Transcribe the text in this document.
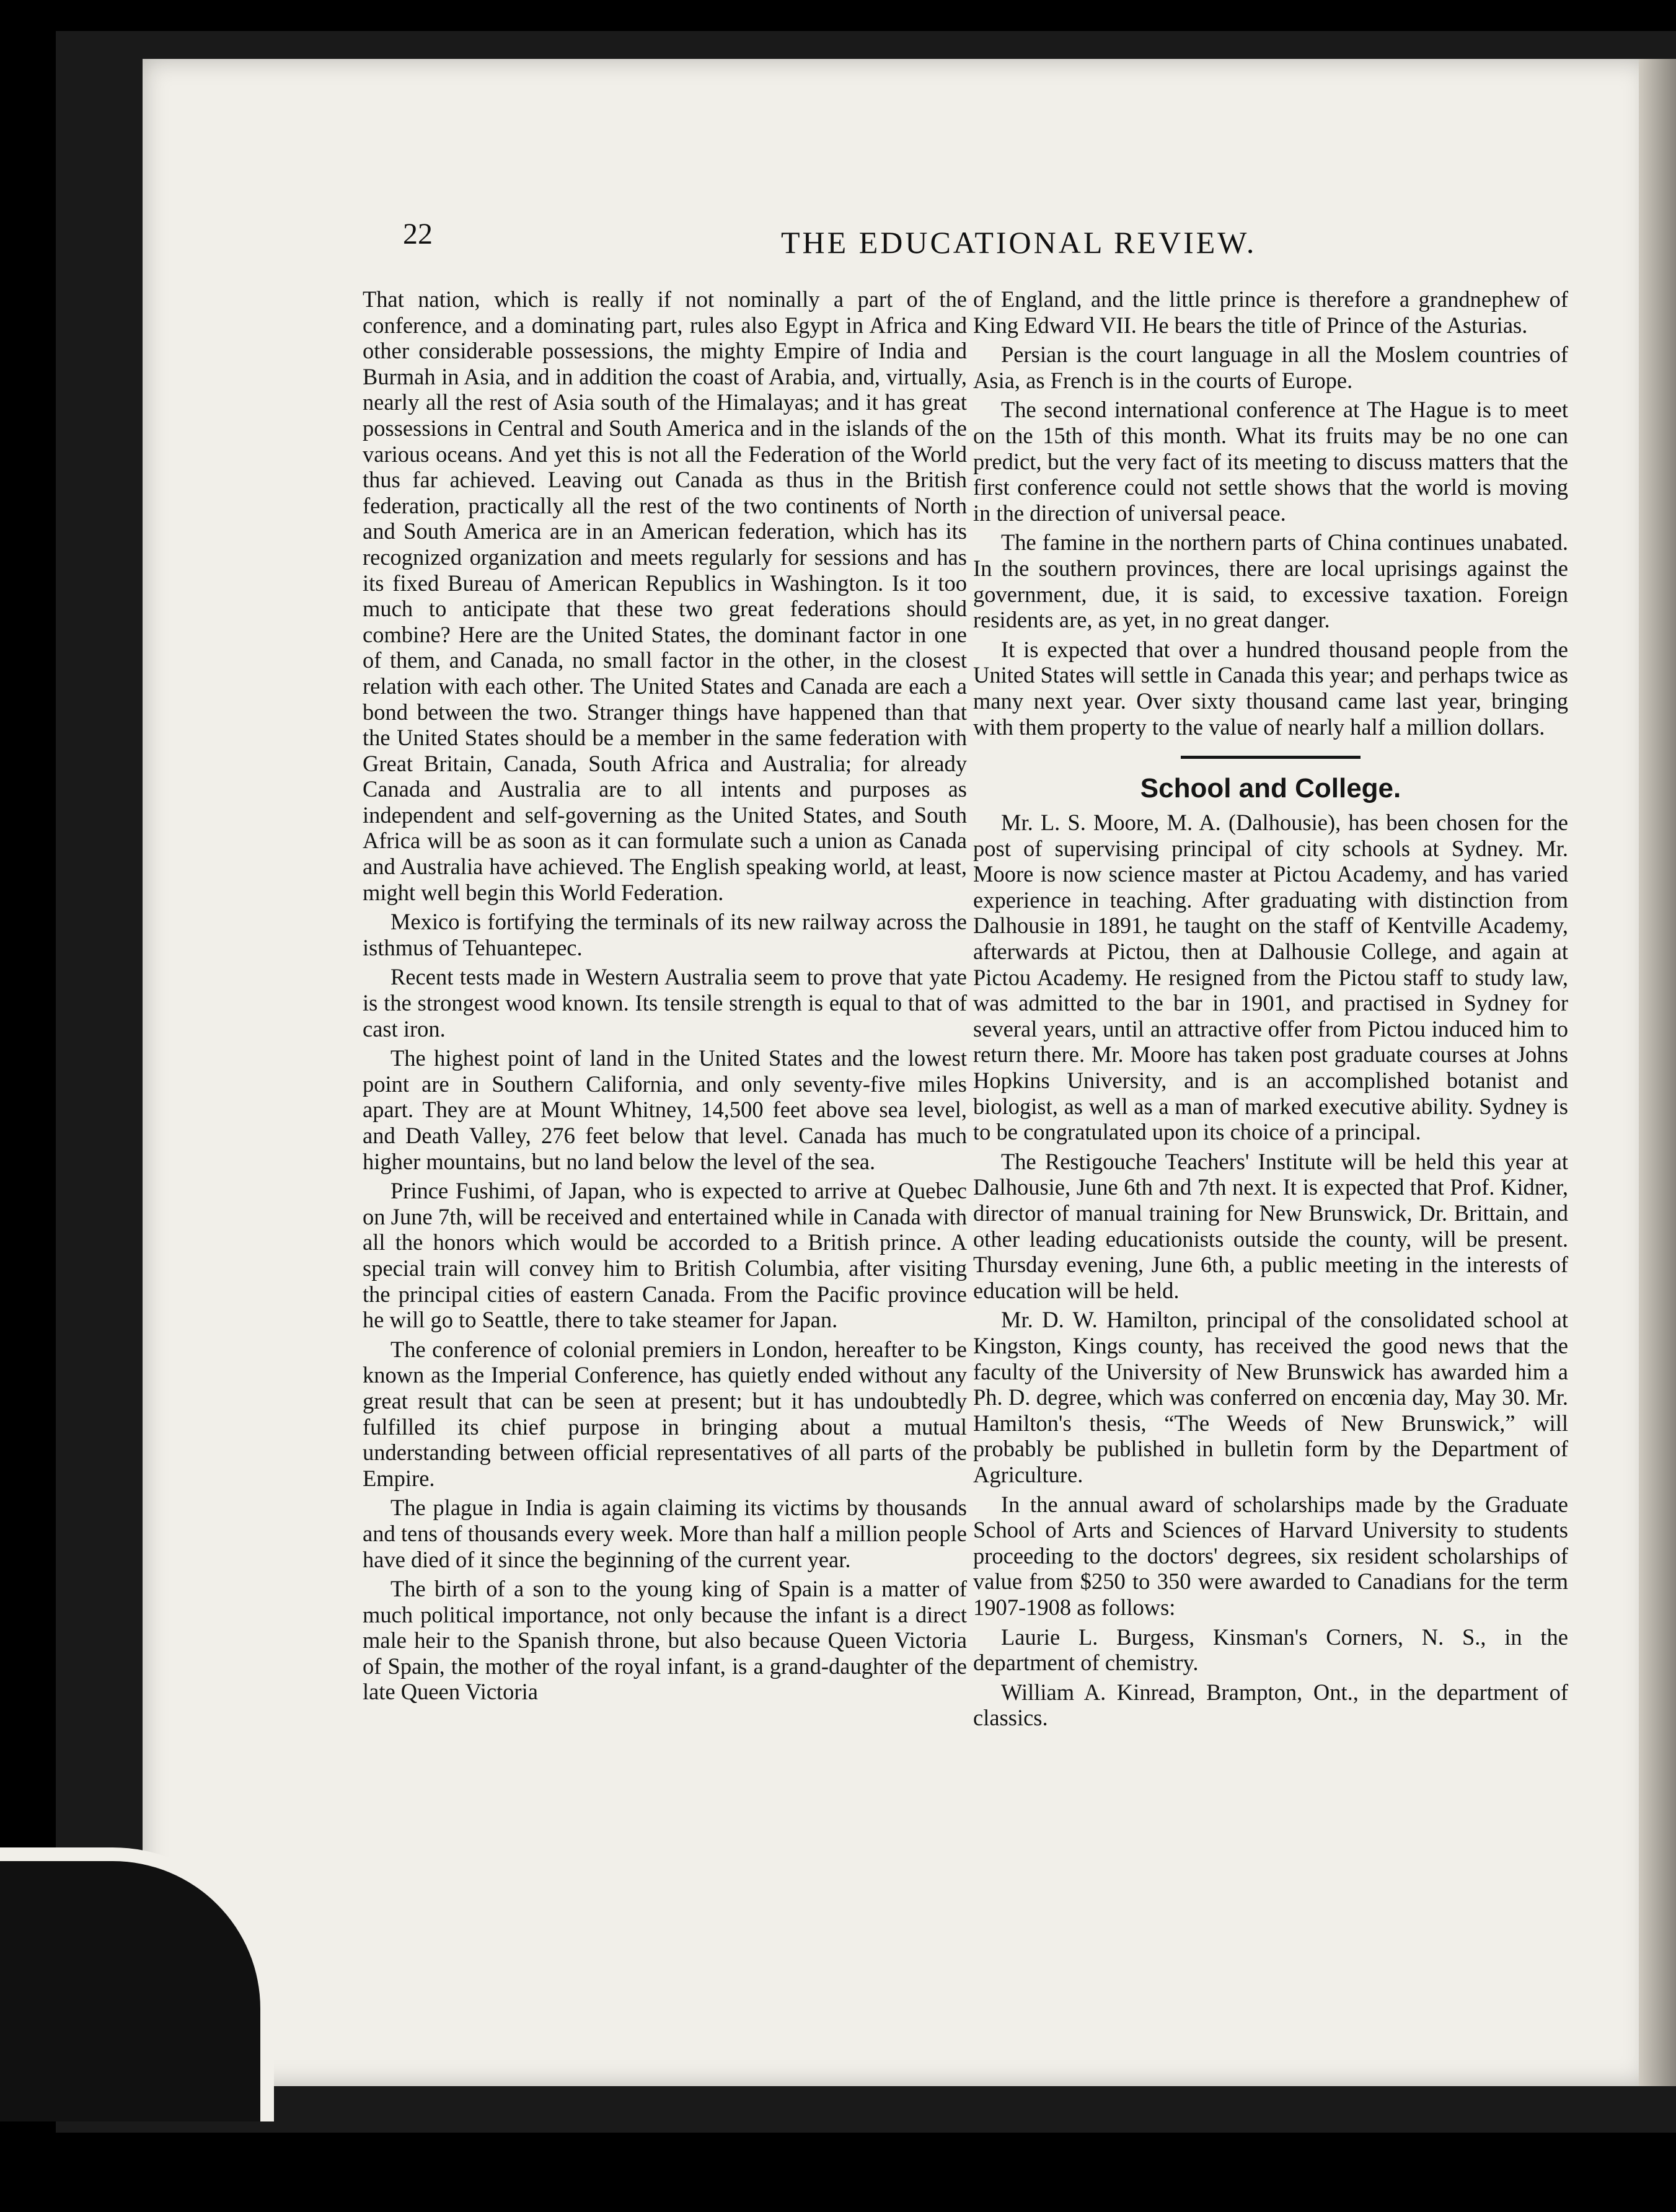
22	THE EDUCATIONAL REVIEW.

That nation, which is really if not nominally a part of the conference, and a dominating part, rules also Egypt in Africa and other considerable possessions, the mighty Empire of India and Burmah in Asia, and in addition the coast of Arabia, and, virtually, nearly all the rest of Asia south of the Himalayas; and it has great possessions in Central and South America and in the islands of the various oceans. And yet this is not all the Federation of the World thus far achieved. Leaving out Canada as thus in the British federation, practically all the rest of the two continents of North and South America are in an American federation, which has its recognized organization and meets regularly for sessions and has its fixed Bureau of American Republics in Washington. Is it too much to anticipate that these two great federations should combine? Here are the United States, the dominant factor in one of them, and Canada, no small factor in the other, in the closest relation with each other. The United States and Canada are each a bond between the two. Stranger things have happened than that the United States should be a member in the same federation with Great Britain, Canada, South Africa and Australia; for already Canada and Australia are to all intents and purposes as independent and self-governing as the United States, and South Africa will be as soon as it can formulate such a union as Canada and Australia have achieved. The English speaking world, at least, might well begin this World Federation.

Mexico is fortifying the terminals of its new railway across the isthmus of Tehuantepec.

Recent tests made in Western Australia seem to prove that yate is the strongest wood known. Its tensile strength is equal to that of cast iron.

The highest point of land in the United States and the lowest point are in Southern California, and only seventy-five miles apart. They are at Mount Whitney, 14,500 feet above sea level, and Death Valley, 276 feet below that level. Canada has much higher mountains, but no land below the level of the sea.

Prince Fushimi, of Japan, who is expected to arrive at Quebec on June 7th, will be received and entertained while in Canada with all the honors which would be accorded to a British prince. A special train will convey him to British Columbia, after visiting the principal cities of eastern Canada. From the Pacific province he will go to Seattle, there to take steamer for Japan.

The conference of colonial premiers in London, hereafter to be known as the Imperial Conference, has quietly ended without any great result that can be seen at present; but it has undoubtedly fulfilled its chief purpose in bringing about a mutual understanding between official representatives of all parts of the Empire.

The plague in India is again claiming its victims by thousands and tens of thousands every week. More than half a million people have died of it since the beginning of the current year.

The birth of a son to the young king of Spain is a matter of much political importance, not only because the infant is a direct male heir to the Spanish throne, but also because Queen Victoria of Spain, the mother of the royal infant, is a grand-daughter of the late Queen Victoria

of England, and the little prince is therefore a grandnephew of King Edward VII. He bears the title of Prince of the Asturias.

Persian is the court language in all the Moslem countries of Asia, as French is in the courts of Europe.

The second international conference at The Hague is to meet on the 15th of this month. What its fruits may be no one can predict, but the very fact of its meeting to discuss matters that the first conference could not settle shows that the world is moving in the direction of universal peace.

The famine in the northern parts of China continues unabated. In the southern provinces, there are local uprisings against the government, due, it is said, to excessive taxation. Foreign residents are, as yet, in no great danger.

It is expected that over a hundred thousand people from the United States will settle in Canada this year; and perhaps twice as many next year. Over sixty thousand came last year, bringing with them property to the value of nearly half a million dollars.

School and College.

Mr. L. S. Moore, M. A. (Dalhousie), has been chosen for the post of supervising principal of city schools at Sydney. Mr. Moore is now science master at Pictou Academy, and has varied experience in teaching. After graduating with distinction from Dalhousie in 1891, he taught on the staff of Kentville Academy, afterwards at Pictou, then at Dalhousie College, and again at Pictou Academy. He resigned from the Pictou staff to study law, was admitted to the bar in 1901, and practised in Sydney for several years, until an attractive offer from Pictou induced him to return there. Mr. Moore has taken post graduate courses at Johns Hopkins University, and is an accomplished botanist and biologist, as well as a man of marked executive ability. Sydney is to be congratulated upon its choice of a principal.

The Restigouche Teachers' Institute will be held this year at Dalhousie, June 6th and 7th next. It is expected that Prof. Kidner, director of manual training for New Brunswick, Dr. Brittain, and other leading educationists outside the county, will be present. Thursday evening, June 6th, a public meeting in the interests of education will be held.

Mr. D. W. Hamilton, principal of the consolidated school at Kingston, Kings county, has received the good news that the faculty of the University of New Brunswick has awarded him a Ph. D. degree, which was conferred on encœnia day, May 30. Mr. Hamilton's thesis, “The Weeds of New Brunswick,” will probably be published in bulletin form by the Department of Agriculture.

In the annual award of scholarships made by the Graduate School of Arts and Sciences of Harvard University to students proceeding to the doctors' degrees, six resident scholarships of value from $250 to 350 were awarded to Canadians for the term 1907-1908 as follows:

Laurie L. Burgess, Kinsman's Corners, N. S., in the department of chemistry.

William A. Kinread, Brampton, Ont., in the department of classics.
